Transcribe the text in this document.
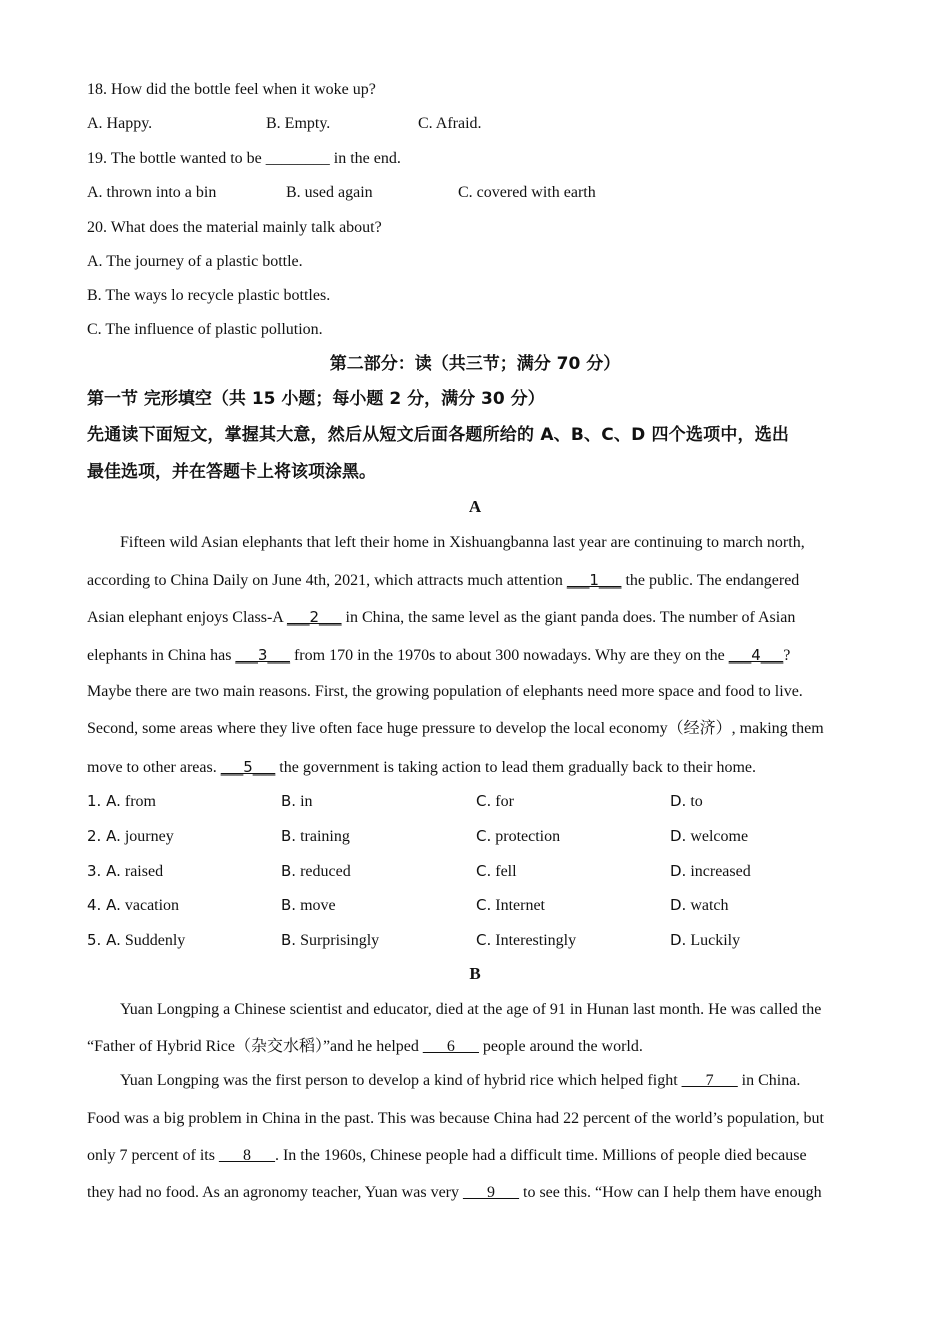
18. How did the bottle feel when it woke up?
A. Happy.	B. Empty.	C. Afraid.
19. The bottle wanted to be ________ in the end.
A. thrown into a bin	B. used again	C. covered with earth
20. What does the material mainly talk about?
A. The journey of a plastic bottle.
B. The ways lo recycle plastic bottles.
C. The influence of plastic pollution.
第二部分：读（共三节；满分 70 分）
第一节 完形填空（共 15 小题；每小题 2 分，满分 30 分）
先通读下面短文，掌握其大意，然后从短文后面各题所给的 A、B、C、D 四个选项中，选出
最佳选项，并在答题卡上将该项涂黑。
A
Fifteen wild Asian elephants that left their home in Xishuangbanna last year are continuing to march north,
according to China Daily on June 4th, 2021, which attracts much attention ___1___ the public. The endangered
Asian elephant enjoys Class-A ___2___ in China, the same level as the giant panda does. The number of Asian
elephants in China has ___3___ from 170 in the 1970s to about 300 nowadays. Why are they on the ___4___?
Maybe there are two main reasons. First, the growing population of elephants need more space and food to live.
Second, some areas where they live often face huge pressure to develop the local economy（经济）, making them
move to other areas. ___5___ the government is taking action to lead them gradually back to their home.
1. A. from	B. in	C. for	D. to
2. A. journey	B. training	C. protection	D. welcome
3. A. raised	B. reduced	C. fell	D. increased
4. A. vacation	B. move	C. Internet	D. watch
5. A. Suddenly	B. Surprisingly	C. Interestingly	D. Luckily
B
Yuan Longping a Chinese scientist and educator, died at the age of 91 in Hunan last month. He was called the
“Father of Hybrid Rice（杂交水稻）”and he helped ___6___ people around the world.
Yuan Longping was the first person to develop a kind of hybrid rice which helped fight ___7___ in China.
Food was a big problem in China in the past. This was because China had 22 percent of the world’s population, but
only 7 percent of its ___8___. In the 1960s, Chinese people had a difficult time. Millions of people died because
they had no food. As an agronomy teacher, Yuan was very ___9___ to see this. “How can I help them have enough
